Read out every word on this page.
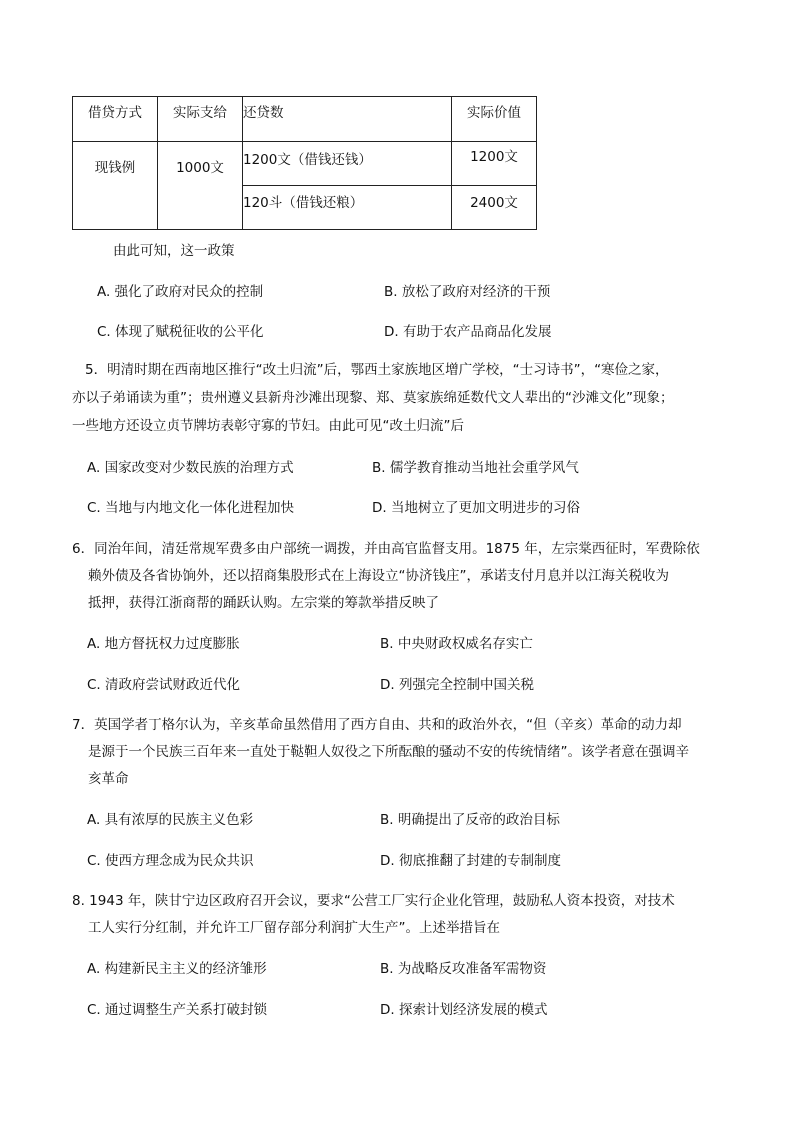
借贷方式	实际支给	还贷数	实际价值

现钱例	1000文	1200文（借钱还钱）	1200文

		120斗（借钱还粮）	2400文
由此可知，这一政策
A. 强化了政府对民众的控制	B. 放松了政府对经济的干预
C. 体现了赋税征收的公平化	D. 有助于农产品商品化发展
5．明清时期在西南地区推行“改土归流”后，鄂西土家族地区增广学校，“士习诗书”，“寒俭之家，
亦以子弟诵读为重”；贵州遵义县新舟沙滩出现黎、郑、莫家族绵延数代文人辈出的“沙滩文化”现象；
一些地方还设立贞节牌坊表彰守寡的节妇。由此可见“改土归流”后
A. 国家改变对少数民族的治理方式	B. 儒学教育推动当地社会重学风气
C. 当地与内地文化一体化进程加快	D. 当地树立了更加文明进步的习俗
6．同治年间，清廷常规军费多由户部统一调拨，并由高官监督支用。1875 年，左宗棠西征时，军费除依
赖外债及各省协饷外，还以招商集股形式在上海设立“协济钱庄”，承诺支付月息并以江海关税收为
抵押，获得江浙商帮的踊跃认购。左宗棠的筹款举措反映了
A. 地方督抚权力过度膨胀	B. 中央财政权威名存实亡
C. 清政府尝试财政近代化	D. 列强完全控制中国关税
7．英国学者丁格尔认为，辛亥革命虽然借用了西方自由、共和的政治外衣，“但（辛亥）革命的动力却
是源于一个民族三百年来一直处于鞑靼人奴役之下所酝酿的骚动不安的传统情绪”。该学者意在强调辛
亥革命
A. 具有浓厚的民族主义色彩	B. 明确提出了反帝的政治目标
C. 使西方理念成为民众共识	D. 彻底推翻了封建的专制制度
8. 1943 年，陕甘宁边区政府召开会议，要求“公营工厂实行企业化管理，鼓励私人资本投资，对技术
工人实行分红制，并允许工厂留存部分利润扩大生产”。上述举措旨在
A. 构建新民主主义的经济雏形	B. 为战略反攻准备军需物资
C. 通过调整生产关系打破封锁	D. 探索计划经济发展的模式
